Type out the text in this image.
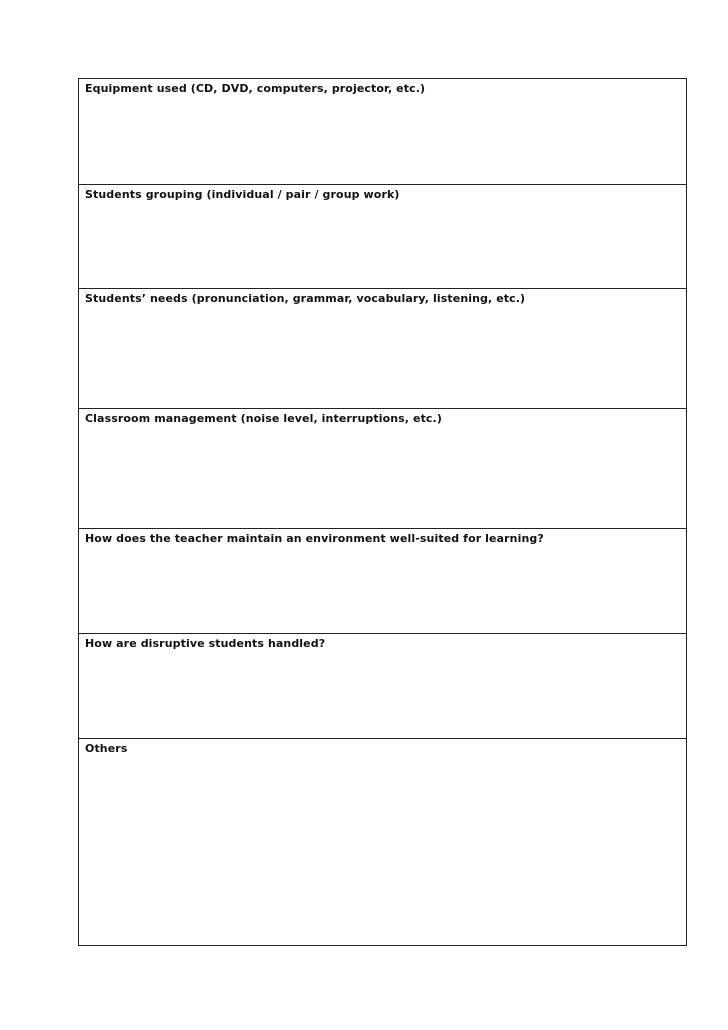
Equipment used (CD, DVD, computers, projector, etc.)
Students grouping (individual / pair / group work)
Students’ needs (pronunciation, grammar, vocabulary, listening, etc.)
Classroom management (noise level, interruptions, etc.)
How does the teacher maintain an environment well-suited for learning?
How are disruptive students handled?
Others
